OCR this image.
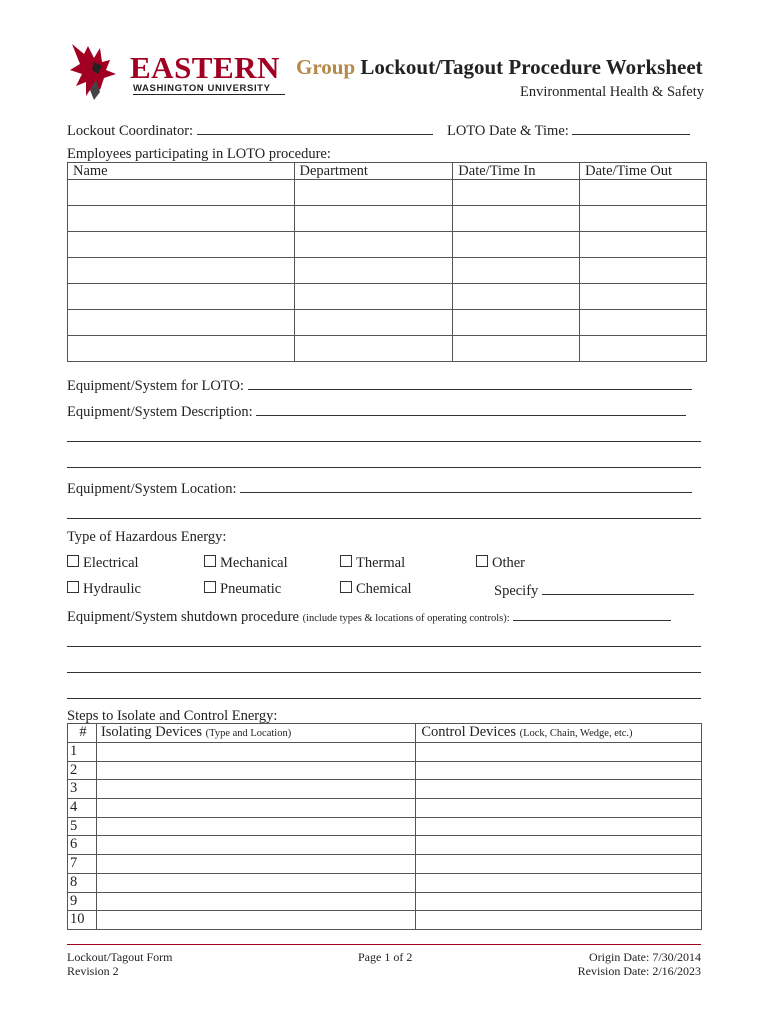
EASTERN
WASHINGTON UNIVERSITY
Group Lockout/Tagout Procedure Worksheet
Environmental Health & Safety
Lockout Coordinator:	LOTO Date & Time:
Employees participating in LOTO procedure:
Name	Department	Date/Time In	Date/Time Out

Equipment/System for LOTO:
Equipment/System Description:
Equipment/System Location:
Type of Hazardous Energy:
Electrical	Mechanical	Thermal	Other
Hydraulic	Pneumatic	Chemical	Specify
Equipment/System shutdown procedure (include types & locations of operating controls):
Steps to Isolate and Control Energy:
#	Isolating Devices (Type and Location)	Control Devices (Lock, Chain, Wedge, etc.)
1		
2		
3		
4		
5		
6		
7		
8		
9		
10		
Lockout/Tagout Form
Revision 2
Page 1 of 2	Origin Date: 7/30/2014
Revision Date: 2/16/2023
